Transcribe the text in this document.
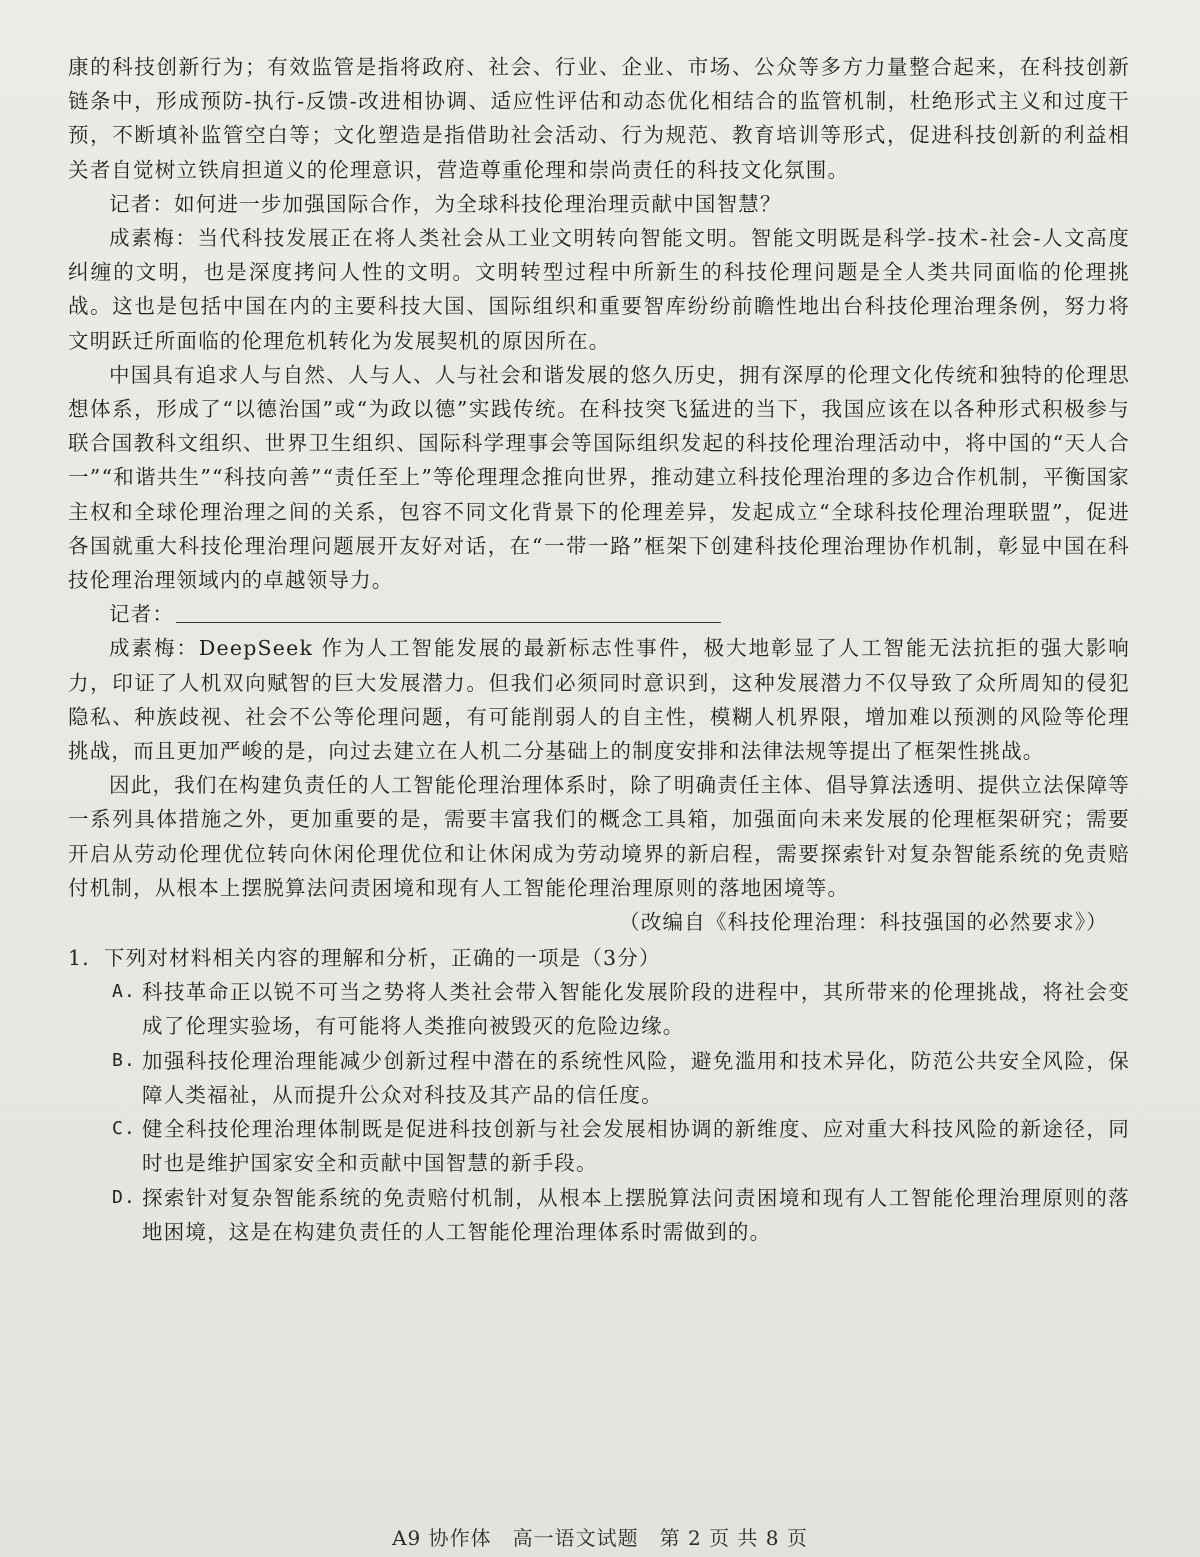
康的科技创新行为；有效监管是指将政府、社会、行业、企业、市场、公众等多方力量整合起来，在科技创新链条中，形成预防-执行-反馈-改进相协调、适应性评估和动态优化相结合的监管机制，杜绝形式主义和过度干预，不断填补监管空白等；文化塑造是指借助社会活动、行为规范、教育培训等形式，促进科技创新的利益相关者自觉树立铁肩担道义的伦理意识，营造尊重伦理和崇尚责任的科技文化氛围。

记者：如何进一步加强国际合作，为全球科技伦理治理贡献中国智慧？

成素梅：当代科技发展正在将人类社会从工业文明转向智能文明。智能文明既是科学-技术-社会-人文高度纠缠的文明，也是深度拷问人性的文明。文明转型过程中所新生的科技伦理问题是全人类共同面临的伦理挑战。这也是包括中国在内的主要科技大国、国际组织和重要智库纷纷前瞻性地出台科技伦理治理条例，努力将文明跃迁所面临的伦理危机转化为发展契机的原因所在。

中国具有追求人与自然、人与人、人与社会和谐发展的悠久历史，拥有深厚的伦理文化传统和独特的伦理思想体系，形成了“以德治国”或“为政以德”实践传统。在科技突飞猛进的当下，我国应该在以各种形式积极参与联合国教科文组织、世界卫生组织、国际科学理事会等国际组织发起的科技伦理治理活动中，将中国的“天人合一”“和谐共生”“科技向善”“责任至上”等伦理理念推向世界，推动建立科技伦理治理的多边合作机制，平衡国家主权和全球伦理治理之间的关系，包容不同文化背景下的伦理差异，发起成立“全球科技伦理治理联盟”，促进各国就重大科技伦理治理问题展开友好对话，在“一带一路”框架下创建科技伦理治理协作机制，彰显中国在科技伦理治理领域内的卓越领导力。

记者：

成素梅：DeepSeek 作为人工智能发展的最新标志性事件，极大地彰显了人工智能无法抗拒的强大影响力，印证了人机双向赋智的巨大发展潜力。但我们必须同时意识到，这种发展潜力不仅导致了众所周知的侵犯隐私、种族歧视、社会不公等伦理问题，有可能削弱人的自主性，模糊人机界限，增加难以预测的风险等伦理挑战，而且更加严峻的是，向过去建立在人机二分基础上的制度安排和法律法规等提出了框架性挑战。

因此，我们在构建负责任的人工智能伦理治理体系时，除了明确责任主体、倡导算法透明、提供立法保障等一系列具体措施之外，更加重要的是，需要丰富我们的概念工具箱，加强面向未来发展的伦理框架研究；需要开启从劳动伦理优位转向休闲伦理优位和让休闲成为劳动境界的新启程，需要探索针对复杂智能系统的免责赔付机制，从根本上摆脱算法问责困境和现有人工智能伦理治理原则的落地困境等。

（改编自《科技伦理治理：科技强国的必然要求》）

1．下列对材料相关内容的理解和分析，正确的一项是（3分）

A. 科技革命正以锐不可当之势将人类社会带入智能化发展阶段的进程中，其所带来的伦理挑战，将社会变成了伦理实验场，有可能将人类推向被毁灭的危险边缘。
B. 加强科技伦理治理能减少创新过程中潜在的系统性风险，避免滥用和技术异化，防范公共安全风险，保障人类福祉，从而提升公众对科技及其产品的信任度。
C. 健全科技伦理治理体制既是促进科技创新与社会发展相协调的新维度、应对重大科技风险的新途径，同时也是维护国家安全和贡献中国智慧的新手段。
D. 探索针对复杂智能系统的免责赔付机制，从根本上摆脱算法问责困境和现有人工智能伦理治理原则的落地困境，这是在构建负责任的人工智能伦理治理体系时需做到的。
A9 协作体　高一语文试题　第 2 页 共 8 页
